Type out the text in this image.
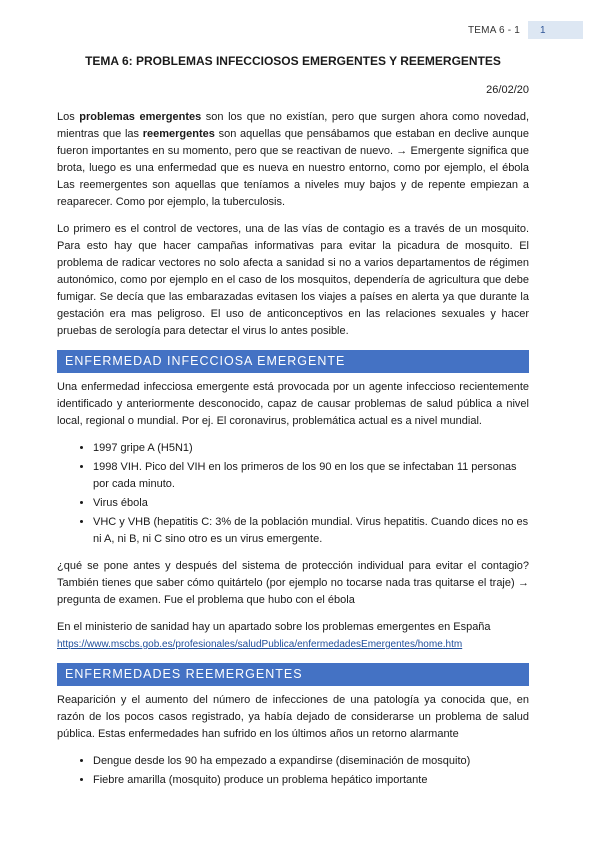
TEMA 6 - 1	1
TEMA 6: PROBLEMAS INFECCIOSOS EMERGENTES Y REEMERGENTES
26/02/20

Los problemas emergentes son los que no existían, pero que surgen ahora como novedad, mientras que las reemergentes son aquellas que pensábamos que estaban en declive aunque fueron importantes en su momento, pero que se reactivan de nuevo. → Emergente significa que brota, luego es una enfermedad que es nueva en nuestro entorno, como por ejemplo, el ébola Las reemergentes son aquellas que teníamos a niveles muy bajos y de repente empiezan a reaparecer. Como por ejemplo, la tuberculosis.

Lo primero es el control de vectores, una de las vías de contagio es a través de un mosquito. Para esto hay que hacer campañas informativas para evitar la picadura de mosquito. El problema de radicar vectores no solo afecta a sanidad si no a varios departamentos de régimen autonómico, como por ejemplo en el caso de los mosquitos, dependería de agricultura que debe fumigar. Se decía que las embarazadas evitasen los viajes a países en alerta ya que durante la gestación era mas peligroso. El uso de anticonceptivos en las relaciones sexuales y hacer pruebas de serología para detectar el virus lo antes posible.

ENFERMEDAD INFECCIOSA EMERGENTE

Una enfermedad infecciosa emergente está provocada por un agente infeccioso recientemente identificado y anteriormente desconocido, capaz de causar problemas de salud pública a nivel local, regional o mundial. Por ej. El coronavirus, problemática actual es a nivel mundial.

• 1997 gripe A (H5N1)
• 1998 VIH. Pico del VIH en los primeros de los 90 en los que se infectaban 11 personas por cada minuto.
• Virus ébola
• VHC y VHB (hepatitis C: 3% de la población mundial. Virus hepatitis. Cuando dices no es ni A, ni B, ni C sino otro es un virus emergente.

¿qué se pone antes y después del sistema de protección individual para evitar el contagio? También tienes que saber cómo quitártelo (por ejemplo no tocarse nada tras quitarse el traje) → pregunta de examen. Fue el problema que hubo con el ébola

En el ministerio de sanidad hay un apartado sobre los problemas emergentes en España

https://www.mscbs.gob.es/profesionales/saludPublica/enfermedadesEmergentes/home.htm

ENFERMEDADES REEMERGENTES

Reaparición y el aumento del número de infecciones de una patología ya conocida que, en razón de los pocos casos registrado, ya había dejado de considerarse un problema de salud pública. Estas enfermedades han sufrido en los últimos años un retorno alarmante

• Dengue desde los 90 ha empezado a expandirse (diseminación de mosquito)
• Fiebre amarilla (mosquito) produce un problema hepático importante
